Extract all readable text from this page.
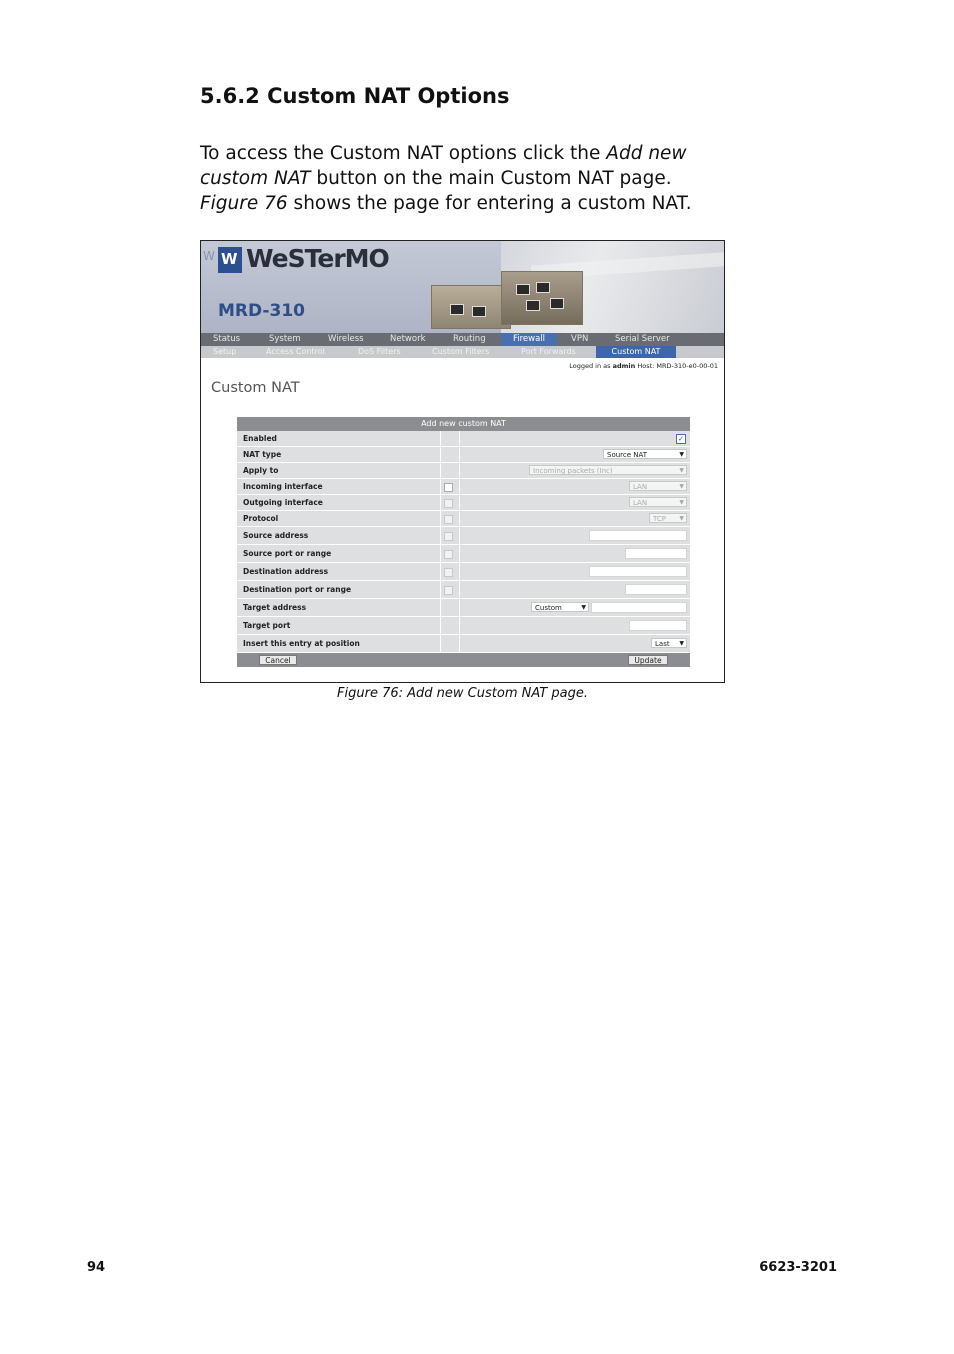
5.6.2 Custom NAT Options

To access the Custom NAT options click the Add new custom NAT button on the main Custom NAT page. Figure 76 shows the page for entering a custom NAT.

W W WeSTerMO
MRD-310
Status	System	Wireless	Network	Routing	Firewall	VPN	Serial Server
Setup	Access Control	DoS Filters	Custom Filters	Port Forwards	Custom NAT
Logged in as admin Host: MRD-310-e0-00-01
Custom NAT
Add new custom NAT
Enabled	✓
NAT type	Source NAT	▼
Apply to	Incoming packets (Inc)	▼
Incoming interface	LAN	▼
Outgoing interface	LAN	▼
Protocol	TCP ▼
Source address
Source port or range
Destination address
Destination port or range
Target address	Custom	▼
Target port
Insert this entry at position	Last ▼
Cancel	Update

Figure 76: Add new Custom NAT page.

94	6623-3201
